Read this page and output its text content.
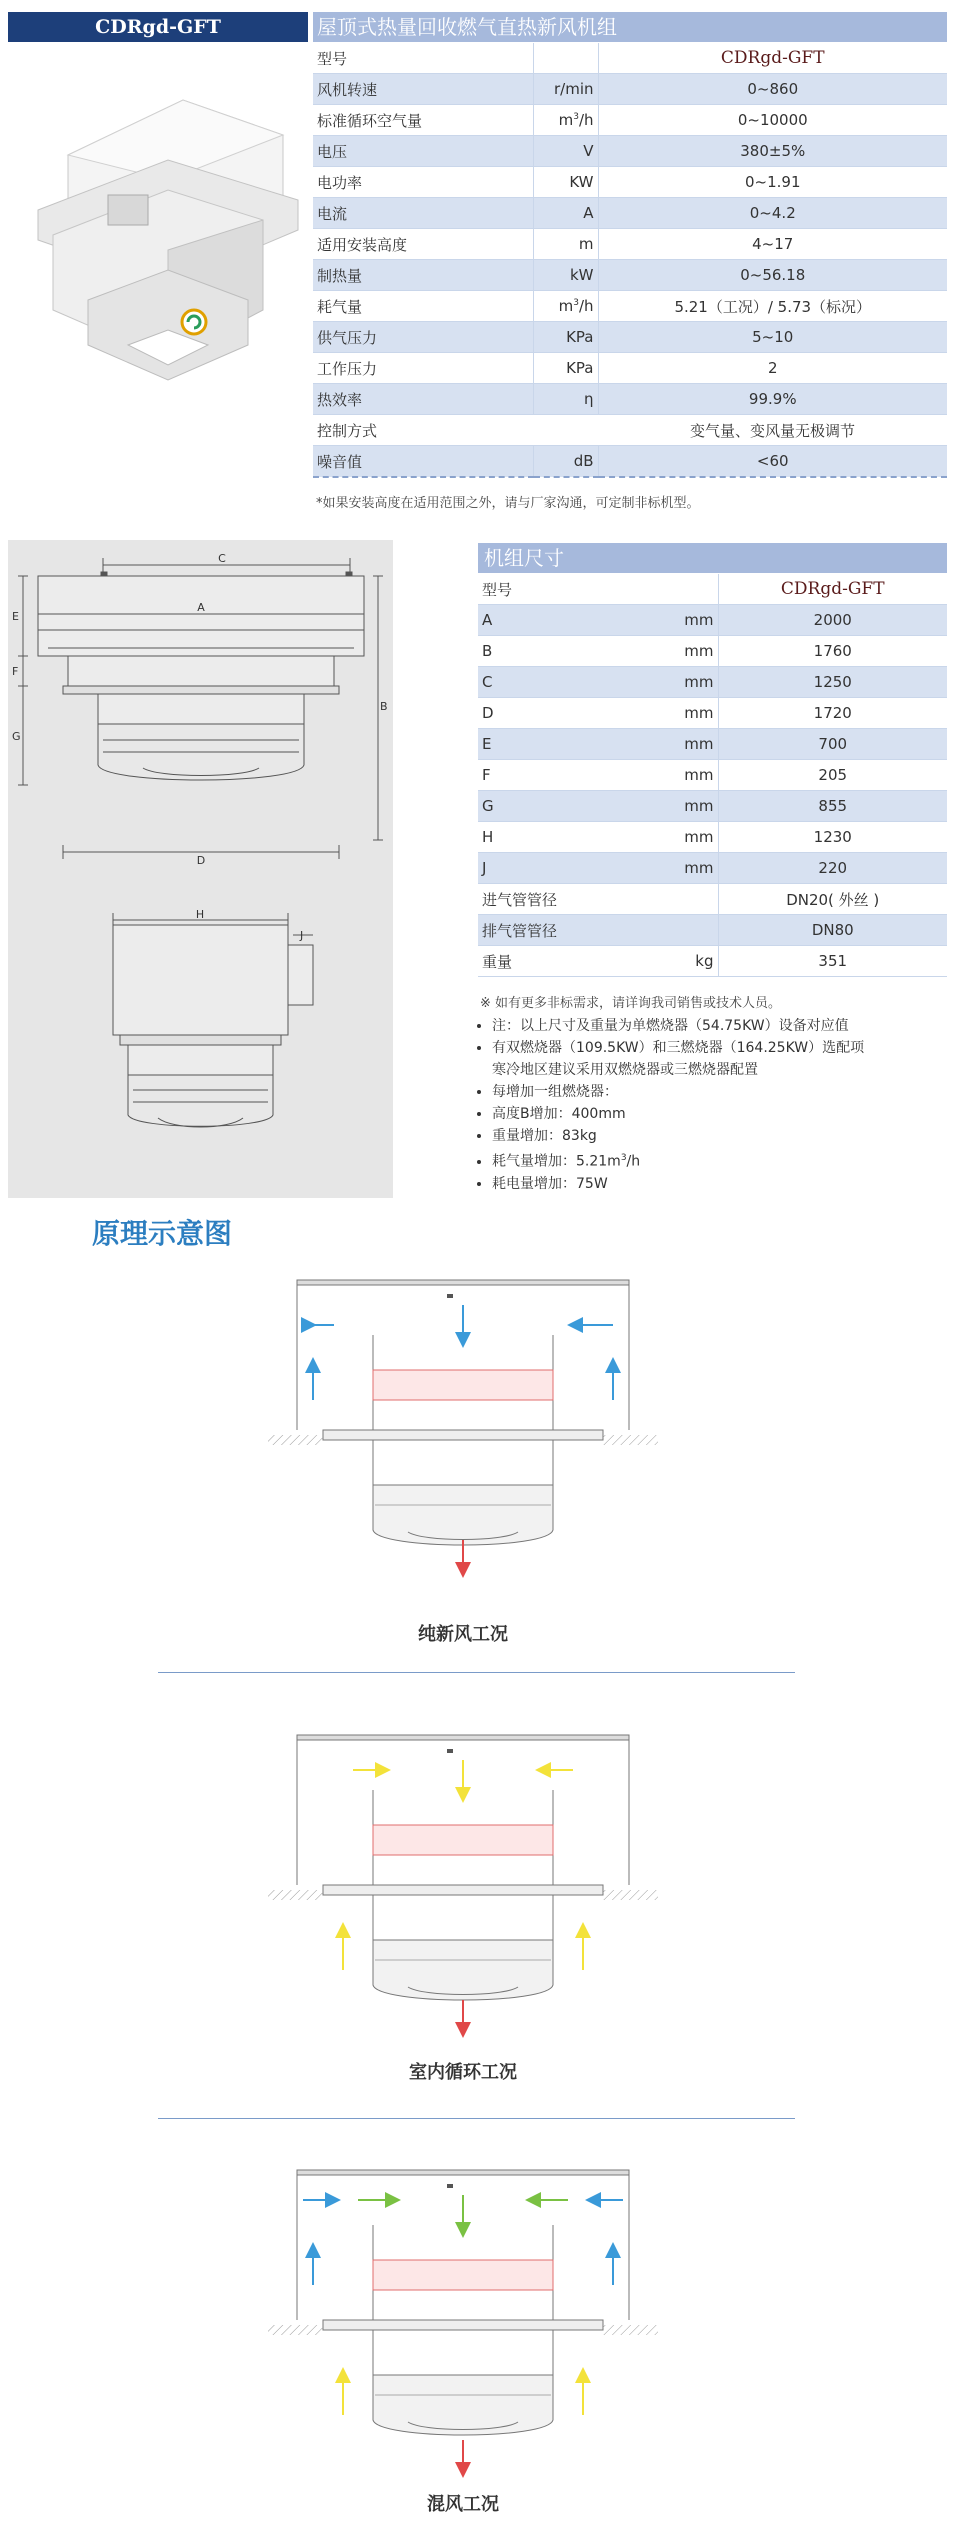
CDRgd-GFT	屋顶式热量回收燃气直热新风机组
型号		CDRgd-GFT
风机转速	r/min	0~860
标准循环空气量	$m^3/h$	0~10000
电压	V	380±5%
电功率	KW	0~1.91
电流	A	0~4.2
适用安装高度	m	4~17
制热量	kW	0~56.18
耗气量	$m^3/h$	5.21（工况）/ 5.73（标况）
供气压力	KPa	5~10
工作压力	KPa	2
热效率	η	99.9%
控制方式		变气量、变风量无极调节
噪音值	dB	<60
*如果安装高度在适用范围之外，请与厂家沟通，可定制非标机型。
C
A
E
F
G
B
D
H
J
机组尺寸
型号		CDRgd-GFT
A	mm	2000
B	mm	1760
C	mm	1250
D	mm	1720
E	mm	700
F	mm	205
G	mm	855
H	mm	1230
J	mm	220
进气管管径		DN20( 外丝 )
排气管管径		DN80
重量	kg	351
※ 如有更多非标需求，请详询我司销售或技术人员。
• 注：以上尺寸及重量为单燃烧器（54.75KW）设备对应值
• 有双燃烧器（109.5KW）和三燃烧器（164.25KW）选配项
寒冷地区建议采用双燃烧器或三燃烧器配置
• 每增加一组燃烧器：
• 高度B增加：400mm
• 重量增加：83kg
• 耗气量增加：$5.21m^3/h$
• 耗电量增加：75W
原理示意图
纯新风工况
室内循环工况
混风工况
